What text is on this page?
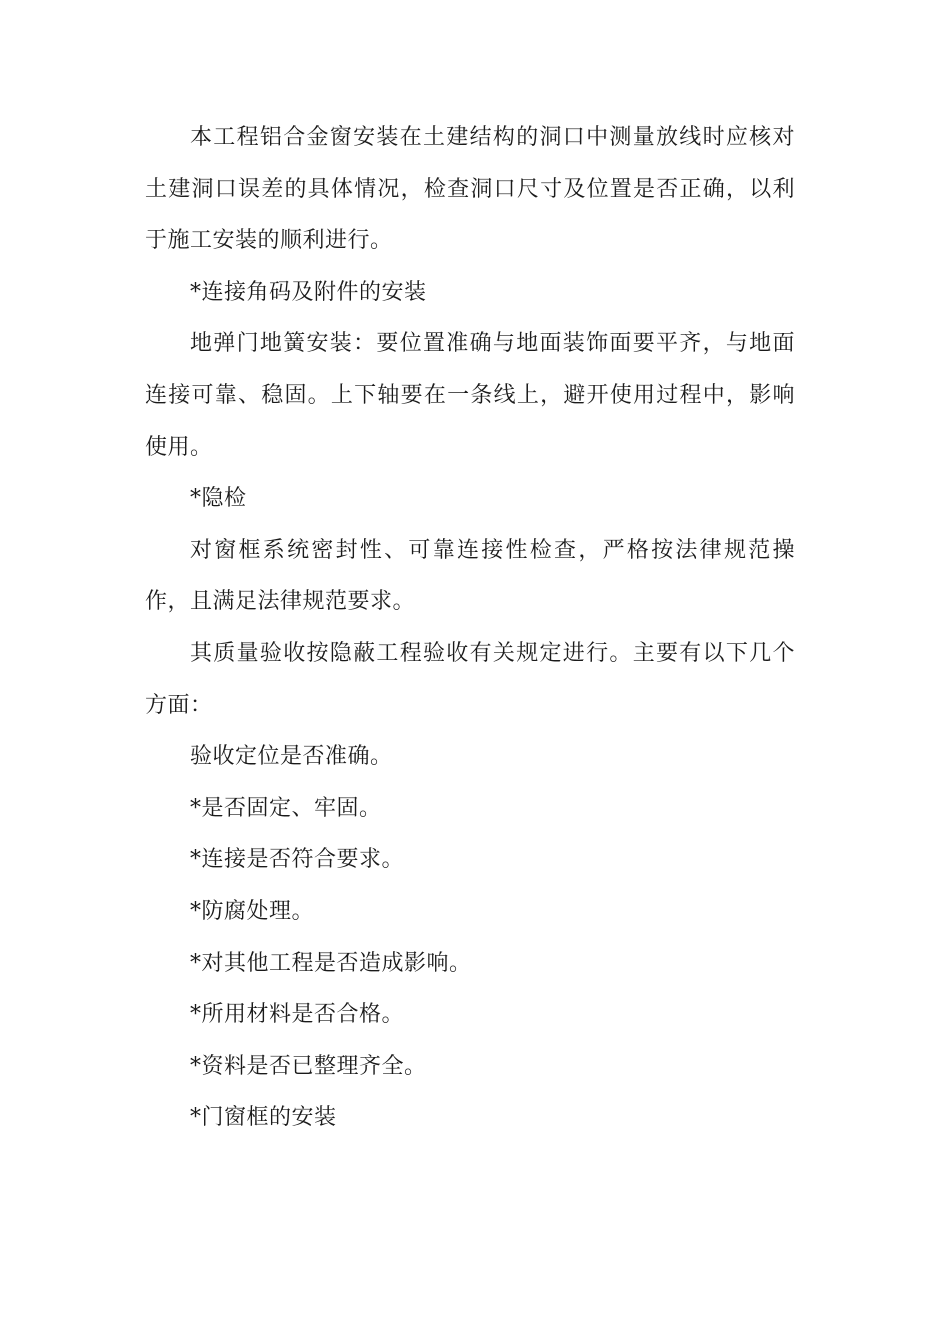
本工程铝合金窗安装在土建结构的洞口中测量放线时应核对土建洞口误差的具体情况，检查洞口尺寸及位置是否正确，以利于施工安装的顺利进行。

*连接角码及附件的安装

地弹门地簧安装：要位置准确与地面装饰面要平齐，与地面连接可靠、稳固。上下轴要在一条线上，避开使用过程中，影响使用。

*隐检

对窗框系统密封性、可靠连接性检查，严格按法律规范操作，且满足法律规范要求。

其质量验收按隐蔽工程验收有关规定进行。主要有以下几个方面：

验收定位是否准确。

*是否固定、牢固。

*连接是否符合要求。

*防腐处理。

*对其他工程是否造成影响。

*所用材料是否合格。

*资料是否已整理齐全。

*门窗框的安装
